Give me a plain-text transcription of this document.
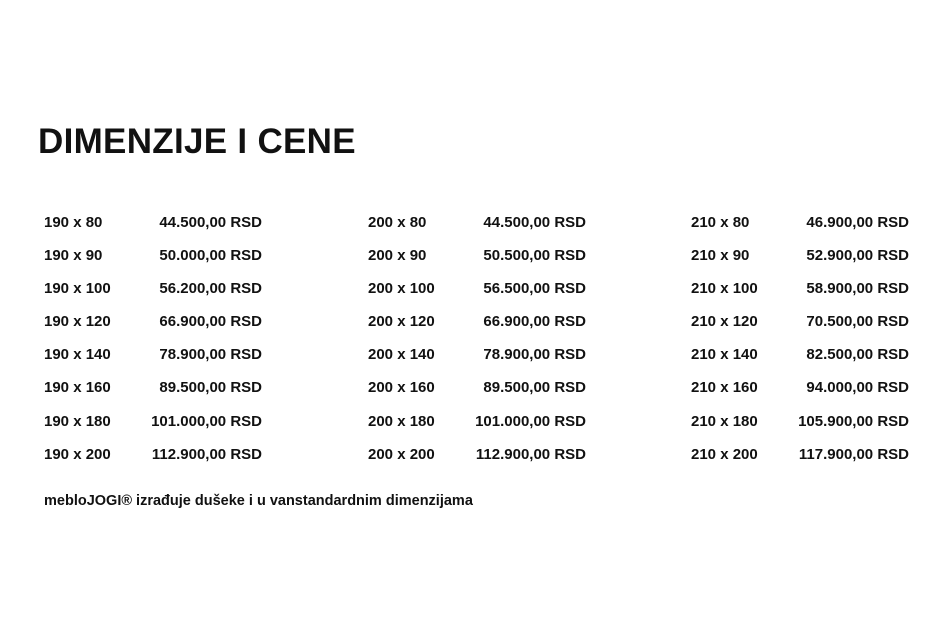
DIMENZIJE I CENE
190 x 80	44.500,00 RSD
190 x 90	50.000,00 RSD
190 x 100	56.200,00 RSD
190 x 120	66.900,00 RSD
190 x 140	78.900,00 RSD
190 x 160	89.500,00 RSD
190 x 180	101.000,00 RSD
190 x 200	112.900,00 RSD
200 x 80	44.500,00 RSD
200 x 90	50.500,00 RSD
200 x 100	56.500,00 RSD
200 x 120	66.900,00 RSD
200 x 140	78.900,00 RSD
200 x 160	89.500,00 RSD
200 x 180	101.000,00 RSD
200 x 200	112.900,00 RSD
210 x 80	46.900,00 RSD
210 x 90	52.900,00 RSD
210 x 100	58.900,00 RSD
210 x 120	70.500,00 RSD
210 x 140	82.500,00 RSD
210 x 160	94.000,00 RSD
210 x 180	105.900,00 RSD
210 x 200	117.900,00 RSD

mebloJOGI® izrađuje dušeke i u vanstandardnim dimenzijama
